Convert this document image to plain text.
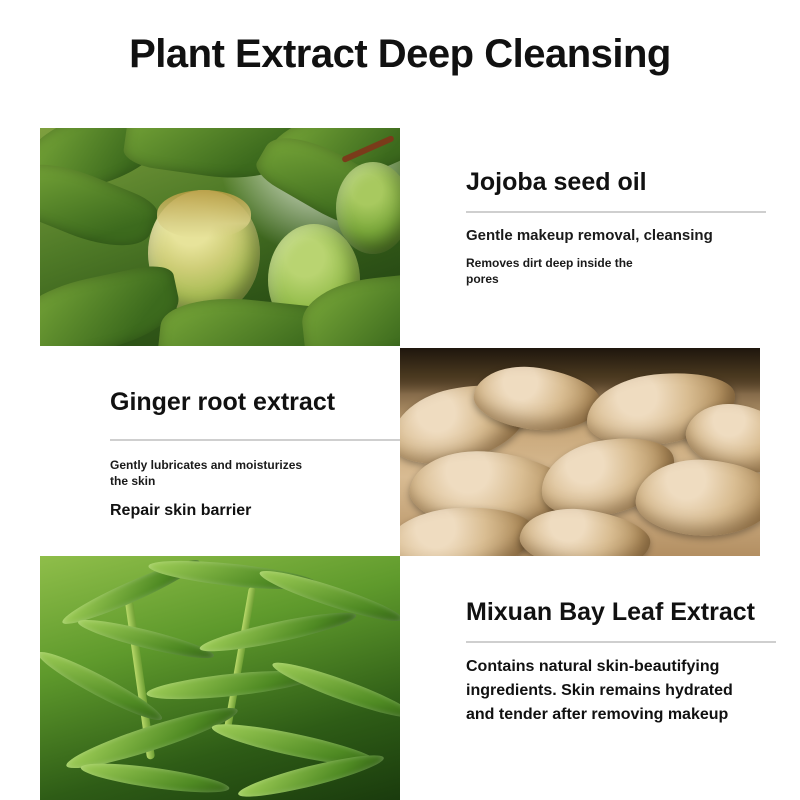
Plant Extract Deep Cleansing
Jojoba seed oil
Gentle makeup removal, cleansing
Removes dirt deep inside the pores
Ginger root extract
Gently lubricates and moisturizes the skin
Repair skin barrier
Mixuan Bay Leaf Extract
Contains natural skin-beautifying ingredients. Skin remains hydrated and tender after removing makeup
